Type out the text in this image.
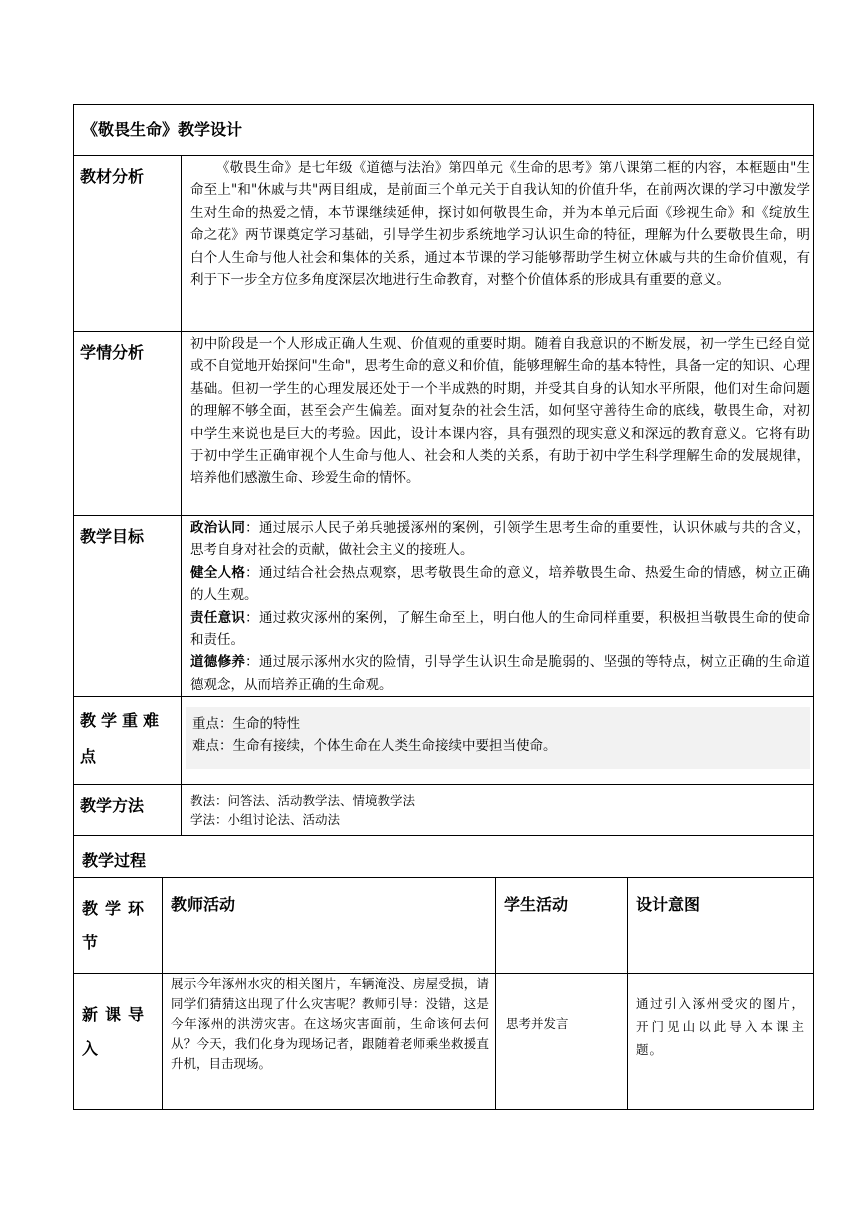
《敬畏生命》教学设计				
教材分析		《敬畏生命》是七年级《道德与法治》第四单元《生命的思考》第八课第二框的内容，本框题由"生命至上"和"休戚与共"两目组成，是前面三个单元关于自我认知的价值升华，在前两次课的学习中激发学生对生命的热爱之情，本节课继续延伸，探讨如何敬畏生命，并为本单元后面《珍视生命》和《绽放生命之花》两节课奠定学习基础，引导学生初步系统地学习认识生命的特征，理解为什么要敬畏生命，明白个人生命与他人社会和集体的关系，通过本节课的学习能够帮助学生树立休戚与共的生命价值观，有利于下一步全方位多角度深层次地进行生命教育，对整个价值体系的形成具有重要的意义。		
学情分析		初中阶段是一个人形成正确人生观、价值观的重要时期。随着自我意识的不断发展，初一学生已经自觉或不自觉地开始探问"生命"，思考生命的意义和价值，能够理解生命的基本特性，具备一定的知识、心理基础。但初一学生的心理发展还处于一个半成熟的时期，并受其自身的认知水平所限，他们对生命问题的理解不够全面，甚至会产生偏差。面对复杂的社会生活，如何坚守善待生命的底线，敬畏生命，对初中学生来说也是巨大的考验。因此，设计本课内容，具有强烈的现实意义和深远的教育意义。它将有助于初中学生正确审视个人生命与他人、社会和人类的关系，有助于初中学生科学理解生命的发展规律，培养他们感激生命、珍爱生命的情怀。		
教学目标		政治认同：通过展示人民子弟兵驰援涿州的案例，引领学生思考生命的重要性，认识休戚与共的含义，思考自身对社会的贡献，做社会主义的接班人。
健全人格：通过结合社会热点观察，思考敬畏生命的意义，培养敬畏生命、热爱生命的情感，树立正确的人生观。
责任意识：通过救灾涿州的案例，了解生命至上，明白他人的生命同样重要，积极担当敬畏生命的使命和责任。
道德修养：通过展示涿州水灾的险情，引导学生认识生命是脆弱的、坚强的等特点，树立正确的生命道德观念，从而培养正确的生命观。		

教学重难点		重点：生命的特性
难点：生命有接续，个体生命在人类生命接续中要担当使命。		

教学方法		教法：问答法、活动教学法、情境教学法
学法：小组讨论法、活动法		

教学过程				
教学环节	教师活动		学生活动	设计意图
新课导入	展示今年涿州水灾的相关图片，车辆淹没、房屋受损，请同学们猜猜这出现了什么灾害呢？教师引导：没错，这是今年涿州的洪涝灾害。在这场灾害面前，生命该何去何从？今天，我们化身为现场记者，跟随着老师乘坐救援直升机，目击现场。		思考并发言	通过引入涿州受灾的图片，开门见山以此导入本课主题。
